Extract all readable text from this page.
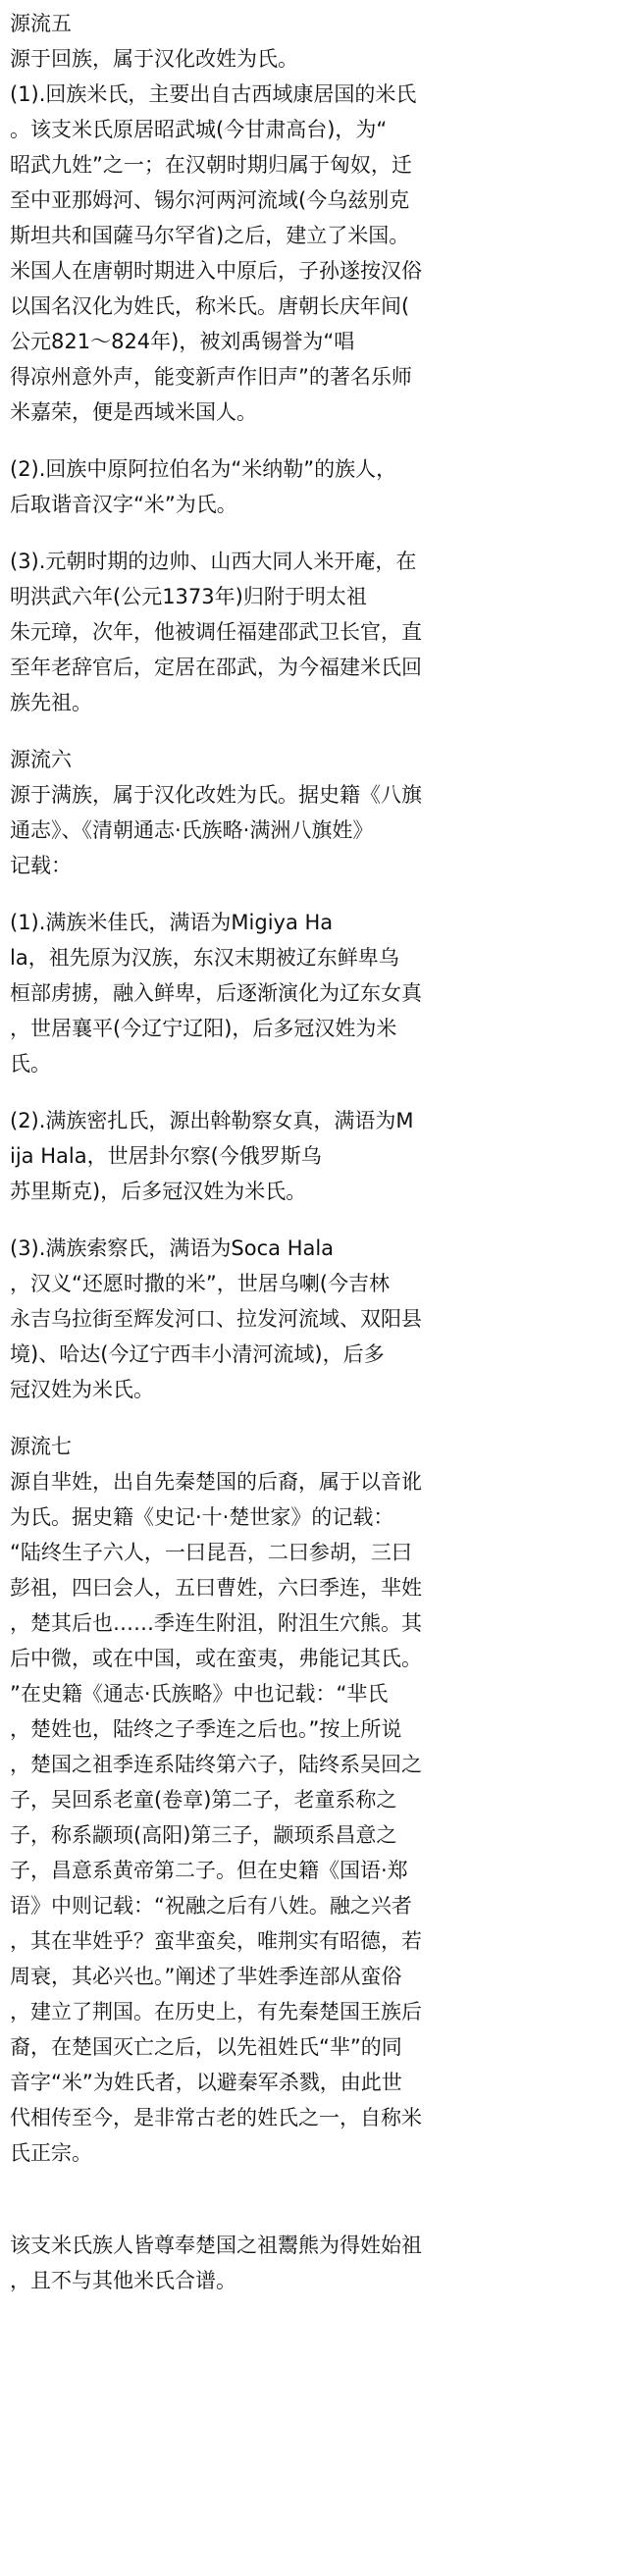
源流五
源于回族，属于汉化改姓为氏。
(1).回族米氏，主要出自古西域康居国的米氏
。该支米氏原居昭武城(今甘肃高台)，为“
昭武九姓”之一；在汉朝时期归属于匈奴，迁
至中亚那姆河、锡尔河两河流域(今乌兹别克
斯坦共和国薩马尔罕省)之后，建立了米国。
米国人在唐朝时期进入中原后，子孙遂按汉俗
以国名汉化为姓氏，称米氏。唐朝长庆年间(
公元821～824年)，被刘禹锡誉为“唱
得凉州意外声，能变新声作旧声”的著名乐师
米嘉荣，便是西域米国人。
(2).回族中原阿拉伯名为“米纳勒”的族人，
后取谐音汉字“米”为氏。
(3).元朝时期的边帅、山西大同人米开庵，在
明洪武六年(公元1373年)归附于明太祖
朱元璋，次年，他被调任福建邵武卫长官，直
至年老辞官后，定居在邵武，为今福建米氏回
族先祖。
源流六
源于满族，属于汉化改姓为氏。据史籍《八旗
通志》、《清朝通志·氏族略·满洲八旗姓》
记载：
(1).满族米佳氏，满语为Migiya Ha
la，祖先原为汉族，东汉末期被辽东鲜卑乌
桓部虏掳，融入鲜卑，后逐渐演化为辽东女真
，世居襄平(今辽宁辽阳)，后多冠汉姓为米
氏。
(2).满族密扎氏，源出斡勒察女真，满语为M
ija Hala，世居卦尔察(今俄罗斯乌
苏里斯克)，后多冠汉姓为米氏。
(3).满族索察氏，满语为Soca Hala
，汉义“还愿时撒的米”，世居乌喇(今吉林
永吉乌拉街至辉发河口、拉发河流域、双阳县
境)、哈达(今辽宁西丰小清河流域)，后多
冠汉姓为米氏。
源流七
源自芈姓，出自先秦楚国的后裔，属于以音讹
为氏。据史籍《史记·十·楚世家》的记载：
“陆终生子六人，一曰昆吾，二曰参胡，三曰
彭祖，四曰会人，五曰曹姓，六曰季连，芈姓
，楚其后也……季连生附沮，附沮生穴熊。其
后中微，或在中国，或在蛮夷，弗能记其氏。
”在史籍《通志·氏族略》中也记载：“芈氏
，楚姓也，陆终之子季连之后也。”按上所说
，楚国之祖季连系陆终第六子，陆终系吴回之
子，吴回系老童(卷章)第二子，老童系称之
子，称系颛顼(高阳)第三子，颛顼系昌意之
子，昌意系黄帝第二子。但在史籍《国语·郑
语》中则记载：“祝融之后有八姓。融之兴者
，其在芈姓乎？蛮芈蛮矣，唯荆实有昭德，若
周衰，其必兴也。”阐述了芈姓季连部从蛮俗
，建立了荆国。在历史上，有先秦楚国王族后
裔，在楚国灭亡之后，以先祖姓氏“芈”的同
音字“米”为姓氏者，以避秦军杀戮，由此世
代相传至今，是非常古老的姓氏之一，自称米
氏正宗。
该支米氏族人皆尊奉楚国之祖鬻熊为得姓始祖
，且不与其他米氏合谱。
